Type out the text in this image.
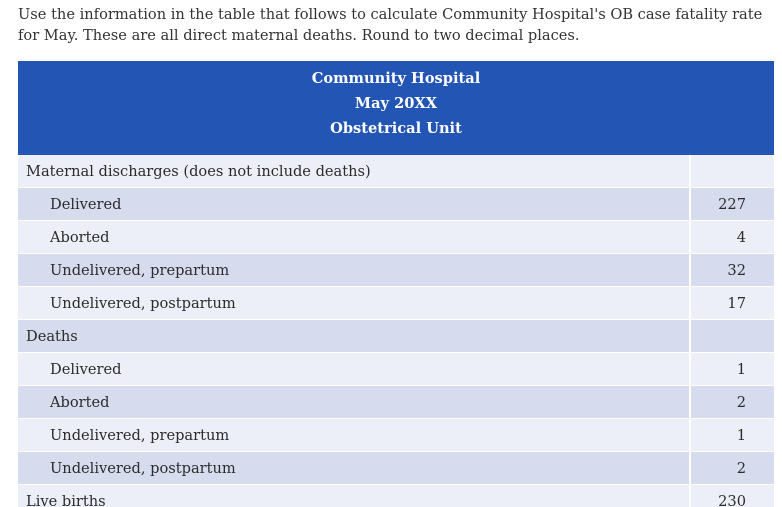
Use the information in the table that follows to calculate Community Hospital's OB case fatality rate
for May. These are all direct maternal deaths. Round to two decimal places.
Community Hospital
May 20XX
Obstetrical Unit	

Maternal discharges (does not include deaths)	
Delivered	227
Aborted	4
Undelivered, prepartum	32
Undelivered, postpartum	17
Deaths	
Delivered	1
Aborted	2
Undelivered, prepartum	1
Undelivered, postpartum	2
Live births	230
